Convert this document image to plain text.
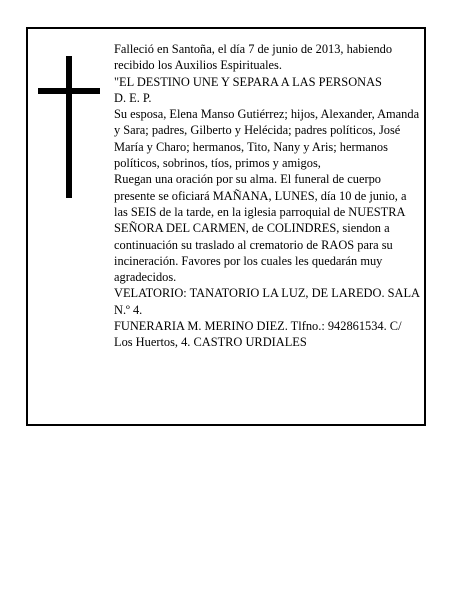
Falleció en Santoña, el día 7 de junio de 2013, habiendo recibido los Auxilios Espirituales.

"EL DESTINO UNE Y SEPARA A LAS PERSONAS

D. E. P.

Su esposa, Elena Manso Gutiérrez; hijos, Alexander, Amanda y Sara; padres, Gilberto y Helécida; padres políticos, José María y Charo; hermanos, Tito, Nany y Aris; hermanos políticos, sobrinos, tíos, primos y amigos,

Ruegan una oración por su alma. El funeral de cuerpo presente se oficiará MAÑANA, LUNES, día 10 de junio, a las SEIS de la tarde, en la iglesia parroquial de NUESTRA SEÑORA DEL CARMEN, de COLINDRES, siendon a continuación su traslado al crematorio de RAOS para su incineración. Favores por los cuales les quedarán muy agradecidos.

VELATORIO: TANATORIO LA LUZ, DE LAREDO. SALA N.º 4.

FUNERARIA M. MERINO DIEZ. Tlfno.: 942861534. C/ Los Huertos, 4. CASTRO URDIALES
